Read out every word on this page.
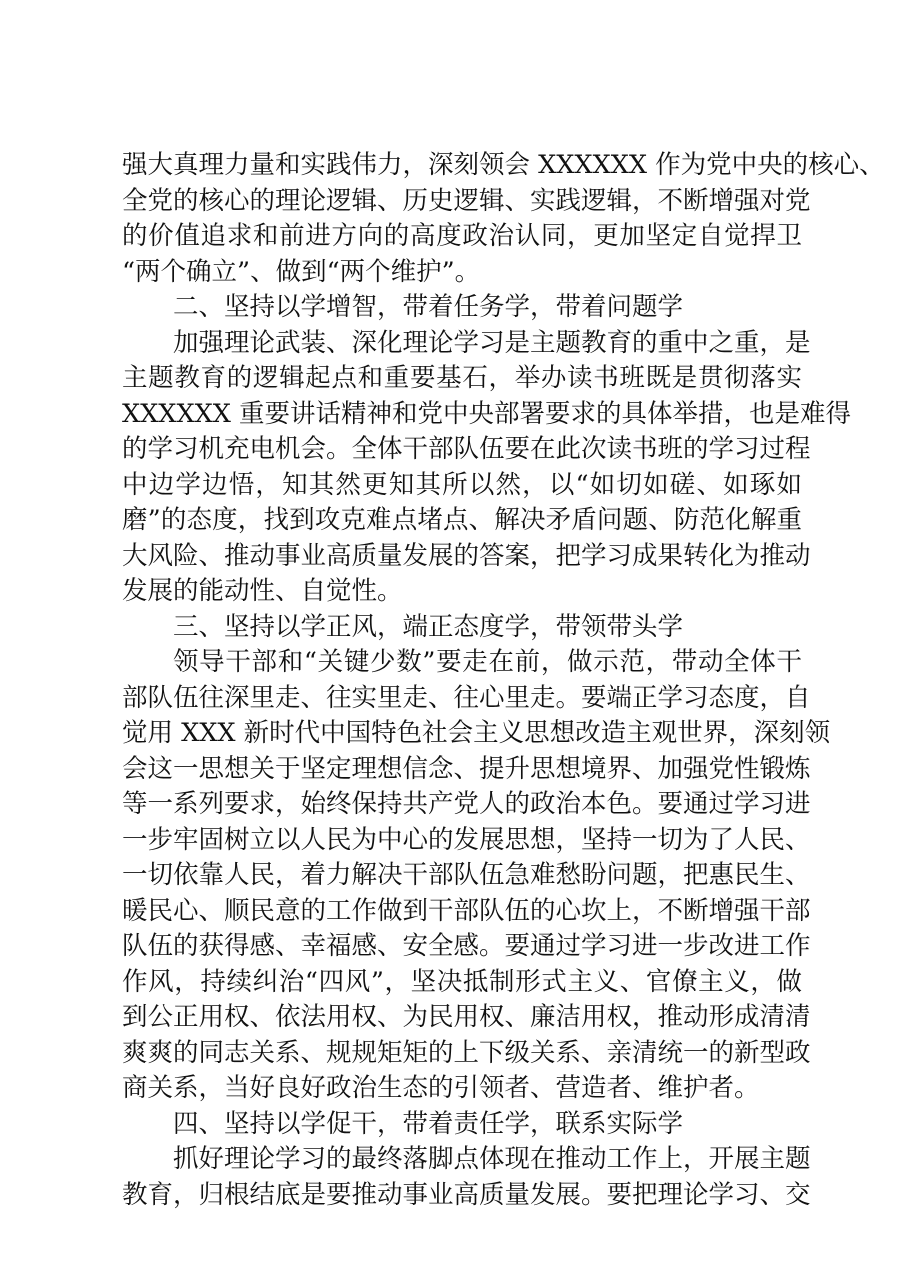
强大真理力量和实践伟力，深刻领会 XXXXXX 作为党中央的核心、
全党的核心的理论逻辑、历史逻辑、实践逻辑，不断增强对党
的价值追求和前进方向的高度政治认同，更加坚定自觉捍卫
“两个确立”、做到“两个维护”。
二、坚持以学增智，带着任务学，带着问题学
加强理论武装、深化理论学习是主题教育的重中之重，是
主题教育的逻辑起点和重要基石，举办读书班既是贯彻落实
XXXXXX 重要讲话精神和党中央部署要求的具体举措，也是难得
的学习机充电机会。全体干部队伍要在此次读书班的学习过程
中边学边悟，知其然更知其所以然，以“如切如磋、如琢如
磨”的态度，找到攻克难点堵点、解决矛盾问题、防范化解重
大风险、推动事业高质量发展的答案，把学习成果转化为推动
发展的能动性、自觉性。
三、坚持以学正风，端正态度学，带领带头学
领导干部和“关键少数”要走在前，做示范，带动全体干
部队伍往深里走、往实里走、往心里走。要端正学习态度，自
觉用 XXX 新时代中国特色社会主义思想改造主观世界，深刻领
会这一思想关于坚定理想信念、提升思想境界、加强党性锻炼
等一系列要求，始终保持共产党人的政治本色。要通过学习进
一步牢固树立以人民为中心的发展思想，坚持一切为了人民、
一切依靠人民，着力解决干部队伍急难愁盼问题，把惠民生、
暖民心、顺民意的工作做到干部队伍的心坎上，不断增强干部
队伍的获得感、幸福感、安全感。要通过学习进一步改进工作
作风，持续纠治“四风”，坚决抵制形式主义、官僚主义，做
到公正用权、依法用权、为民用权、廉洁用权，推动形成清清
爽爽的同志关系、规规矩矩的上下级关系、亲清统一的新型政
商关系，当好良好政治生态的引领者、营造者、维护者。
四、坚持以学促干，带着责任学，联系实际学
抓好理论学习的最终落脚点体现在推动工作上，开展主题
教育，归根结底是要推动事业高质量发展。要把理论学习、交
